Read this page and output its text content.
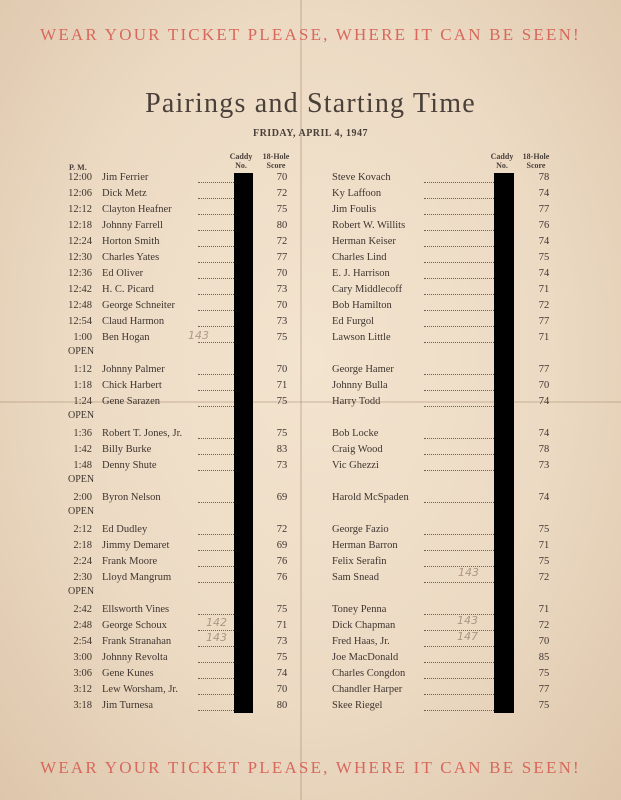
WEAR YOUR TICKET PLEASE, WHERE IT CAN BE SEEN!
Pairings and Starting Time
FRIDAY, APRIL 4, 1947
P. M.
Caddy
No.
18-Hole
Score
Caddy
No.
18-Hole
Score
12:00 Jim Ferrier	70	Steve Kovach	78
12:06 Dick Metz	72	Ky Laffoon	74
12:12 Clayton Heafner	75	Jim Foulis	77
12:18 Johnny Farrell	80	Robert W. Willits	76
12:24 Horton Smith	72	Herman Keiser	74
12:30 Charles Yates	77	Charles Lind	75
12:36 Ed Oliver	70	E. J. Harrison	74
12:42 H. C. Picard	73	Cary Middlecoff	71
12:48 George Schneiter	70	Bob Hamilton	72
12:54 Claud Harmon	73	Ed Furgol	77
1:00 Ben Hogan	75	Lawson Little	71
OPEN
1:12 Johnny Palmer	70	George Hamer	77
1:18 Chick Harbert	71	Johnny Bulla	70
1:24 Gene Sarazen	75	Harry Todd	74
OPEN
1:36 Robert T. Jones, Jr.	75	Bob Locke	74
1:42 Billy Burke	83	Craig Wood	78
1:48 Denny Shute	73	Vic Ghezzi	73
OPEN
2:00 Byron Nelson	69	Harold McSpaden	74
OPEN
2:12 Ed Dudley	72	George Fazio	75
2:18 Jimmy Demaret	69	Herman Barron	71
2:24 Frank Moore	76	Felix Serafin	75
2:30 Lloyd Mangrum	76	Sam Snead	72
OPEN
2:42 Ellsworth Vines	75	Toney Penna	71
2:48 George Schoux	71	Dick Chapman	72
2:54 Frank Stranahan	73	Fred Haas, Jr.	70
3:00 Johnny Revolta	75	Joe MacDonald	85
3:06 Gene Kunes	74	Charles Congdon	75
3:12 Lew Worsham, Jr.	70	Chandler Harper	77
3:18 Jim Turnesa	80	Skee Riegel	75
143
143
142
143
143
147
WEAR YOUR TICKET PLEASE, WHERE IT CAN BE SEEN!
